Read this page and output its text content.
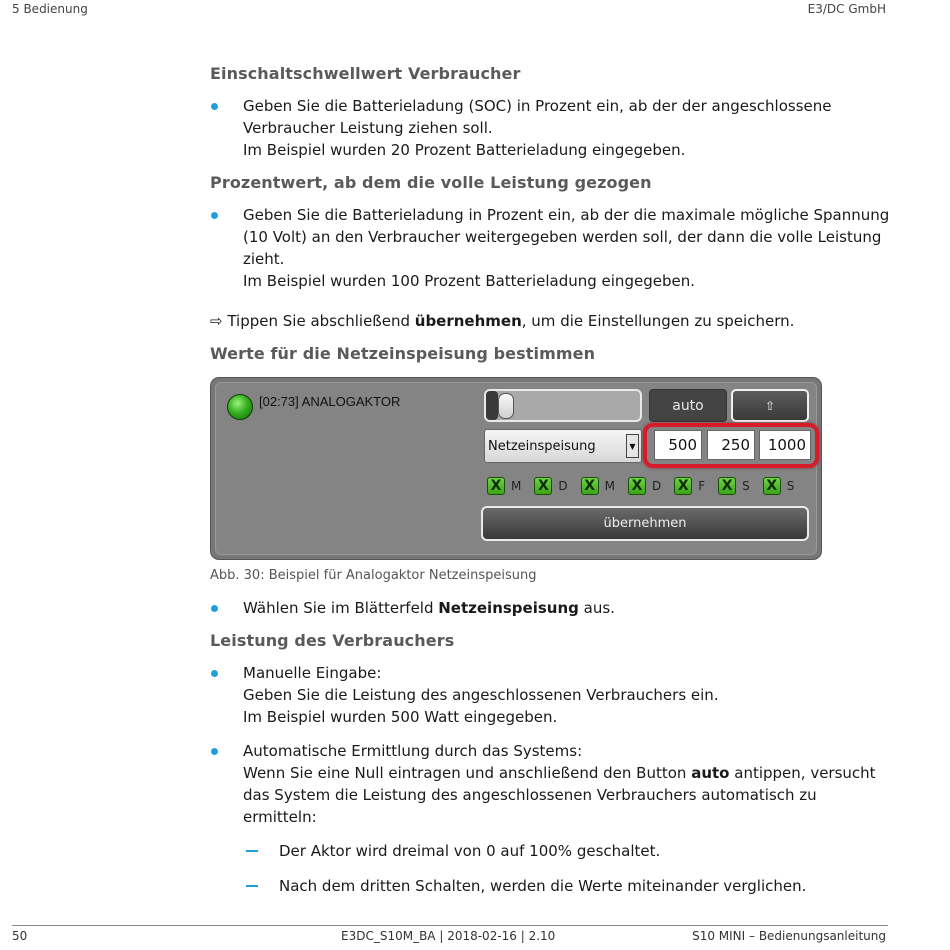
5 Bedienung	E3/DC GmbH
Einschaltschwellwert Verbraucher
Geben Sie die Batterieladung (SOC) in Prozent ein, ab der der angeschlossene
Verbraucher Leistung ziehen soll.
Im Beispiel wurden 20 Prozent Batterieladung eingegeben.
Prozentwert, ab dem die volle Leistung gezogen
Geben Sie die Batterieladung in Prozent ein, ab der die maximale mögliche Spannung
(10 Volt) an den Verbraucher weitergegeben werden soll, der dann die volle Leistung
zieht.
Im Beispiel wurden 100 Prozent Batterieladung eingegeben.
⇨ Tippen Sie abschließend übernehmen, um die Einstellungen zu speichern.
Werte für die Netzeinspeisung bestimmen
[02:73] ANALOGAKTOR	auto	⇧
Netzeinspeisung	▼	500	250	1000
X M X D X M X D X F X S X S
übernehmen
Abb. 30: Beispiel für Analogaktor Netzeinspeisung
Wählen Sie im Blätterfeld Netzeinspeisung aus.
Leistung des Verbrauchers
Manuelle Eingabe:
Geben Sie die Leistung des angeschlossenen Verbrauchers ein.
Im Beispiel wurden 500 Watt eingegeben.
Automatische Ermittlung durch das Systems:
Wenn Sie eine Null eintragen und anschließend den Button auto antippen, versucht
das System die Leistung des angeschlossenen Verbrauchers automatisch zu ermitteln:
Der Aktor wird dreimal von 0 auf 100% geschaltet.
Nach dem dritten Schalten, werden die Werte miteinander verglichen.
50	E3DC_S10M_BA | 2018-02-16 | 2.10	S10 MINI – Bedienungsanleitung
